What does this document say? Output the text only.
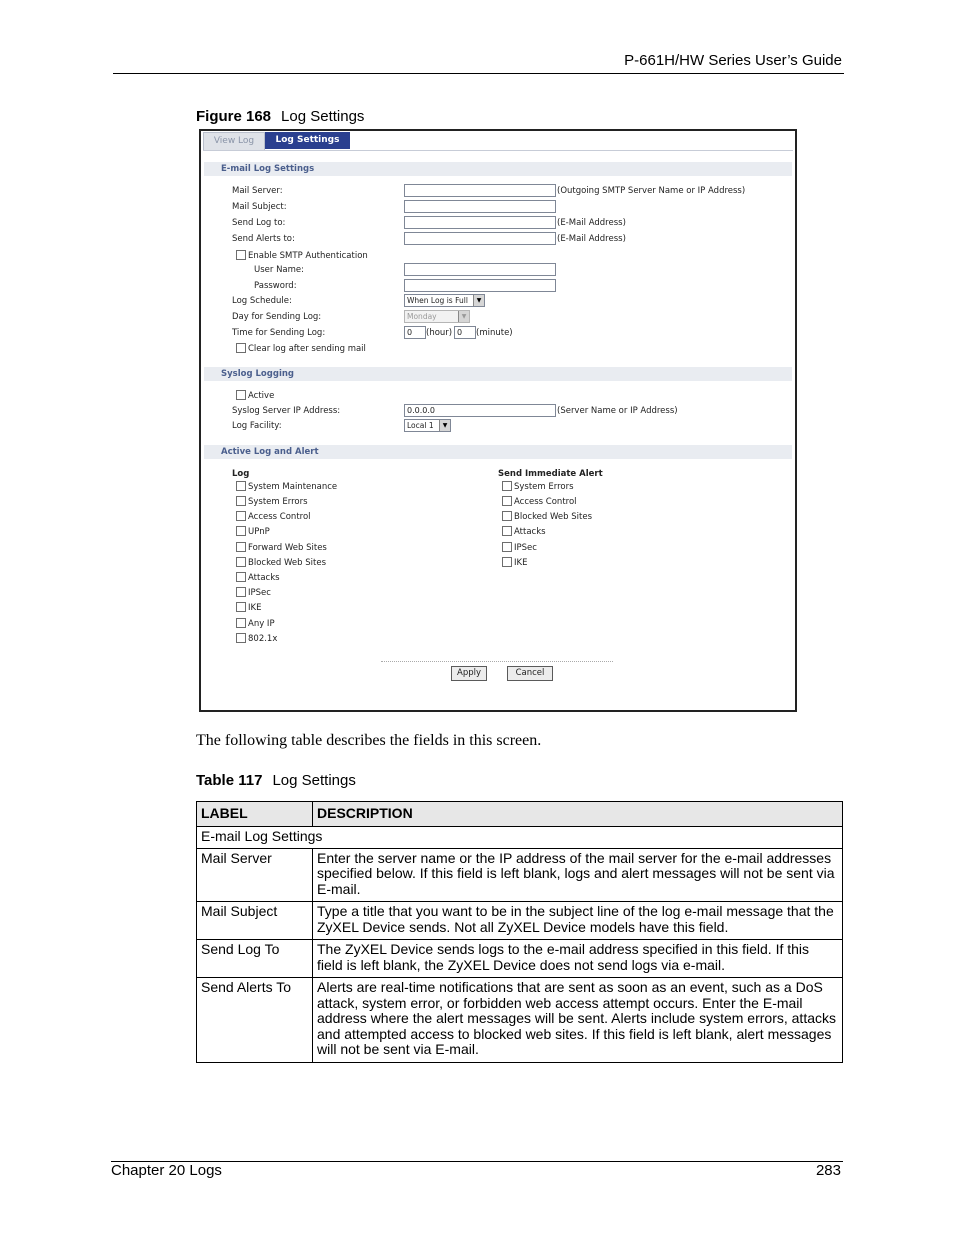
P-661H/HW Series User’s Guide
Figure 168 Log Settings
View Log	Log Settings
E-mail Log Settings
Mail Server:	(Outgoing SMTP Server Name or IP Address)
Mail Subject:
Send Log to:	(E-Mail Address)
Send Alerts to:	(E-Mail Address)
Enable SMTP Authentication
User Name:
Password:
Log Schedule:	When Log is Full	▼
Day for Sending Log:	Monday	▼
Time for Sending Log:	0	(hour) 0	(minute)
Clear log after sending mail
Syslog Logging
Active
Syslog Server IP Address:	0.0.0.0	(Server Name or IP Address)
Log Facility:	Local 1	▼
Active Log and Alert
Log	Send Immediate Alert
System Maintenance
System Errors
Access Control
UPnP
Forward Web Sites
Blocked Web Sites
Attacks
IPSec
IKE
Any IP
802.1x
System Errors
Access Control
Blocked Web Sites
Attacks
IPSec
IKE
Apply	Cancel
The following table describes the fields in this screen.
Table 117 Log Settings
LABEL	DESCRIPTION
E-mail Log Settings	
Mail Server	Enter the server name or the IP address of the mail server for the e-mail addresses specified below. If this field is left blank, logs and alert messages will not be sent via E-mail.
Mail Subject	Type a title that you want to be in the subject line of the log e-mail message that the ZyXEL Device sends. Not all ZyXEL Device models have this field.
Send Log To	The ZyXEL Device sends logs to the e-mail address specified in this field. If this field is left blank, the ZyXEL Device does not send logs via e-mail.
Send Alerts To	Alerts are real-time notifications that are sent as soon as an event, such as a DoS attack, system error, or forbidden web access attempt occurs. Enter the E-mail address where the alert messages will be sent. Alerts include system errors, attacks and attempted access to blocked web sites. If this field is left blank, alert messages will not be sent via E-mail.
Chapter 20 Logs	283
